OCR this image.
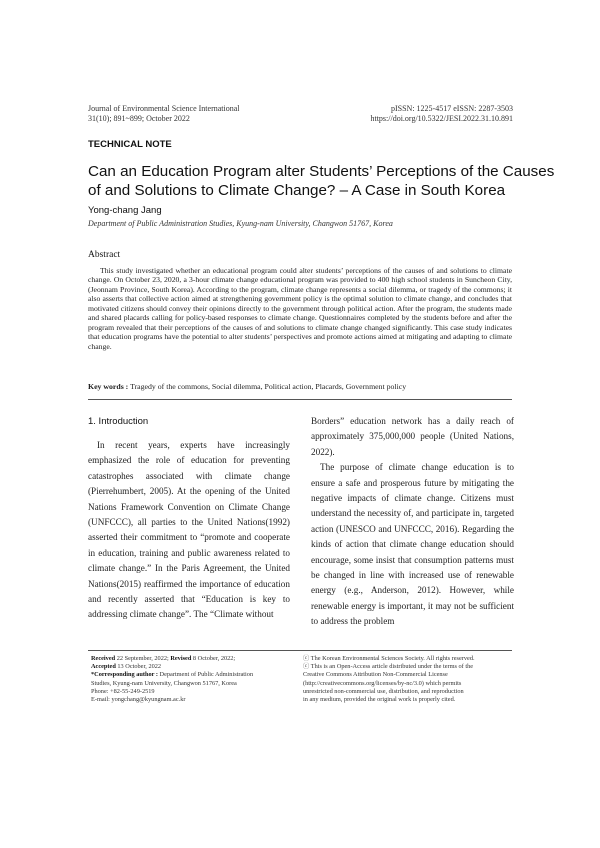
Journal of Environmental Science International
31(10); 891~899; October 2022
pISSN: 1225-4517 eISSN: 2287-3503
https://doi.org/10.5322/JESI.2022.31.10.891
TECHNICAL NOTE
Can an Education Program alter Students’ Perceptions of the Causes
of and Solutions to Climate Change? – A Case in South Korea
Yong-chang Jang
Department of Public Administration Studies, Kyung-nam University, Changwon 51767, Korea
Abstract
This study investigated whether an educational program could alter students’ perceptions of the causes of and solutions to climate change. On October 23, 2020, a 3-hour climate change educational program was provided to 400 high school students in Suncheon City, (Jeonnam Province, South Korea). According to the program, climate change represents a social dilemma, or tragedy of the commons; it also asserts that collective action aimed at strengthening government policy is the optimal solution to climate change, and concludes that motivated citizens should convey their opinions directly to the government through political action. After the program, the students made and shared placards calling for policy-based responses to climate change. Questionnaires completed by the students before and after the program revealed that their perceptions of the causes of and solutions to climate change changed significantly. This case study indicates that education programs have the potential to alter students’ perspectives and promote actions aimed at mitigating and adapting to climate change.
Key words : Tragedy of the commons, Social dilemma, Political action, Placards, Government policy
1. Introduction

In recent years, experts have increasingly emphasized the role of education for preventing catastrophes associated with climate change (Pierrehumbert, 2005). At the opening of the United Nations Framework Convention on Climate Change (UNFCCC), all parties to the United Nations(1992) asserted their commitment to “promote and cooperate in education, training and public awareness related to climate change.” In the Paris Agreement, the United Nations(2015) reaffirmed the importance of education and recently asserted that “Education is key to addressing climate change”. The “Climate without

Borders” education network has a daily reach of approximately 375,000,000 people (United Nations, 2022).

The purpose of climate change education is to ensure a safe and prosperous future by mitigating the negative impacts of climate change. Citizens must understand the necessity of, and participate in, targeted action (UNESCO and UNFCCC, 2016). Regarding the kinds of action that climate change education should encourage, some insist that consumption patterns must be changed in line with increased use of renewable energy (e.g., Anderson, 2012). However, while renewable energy is important, it may not be sufficient to address the problem

Received 22 September, 2022; Revised 8 October, 2022;
Accepted 13 October, 2022
*Corresponding author : Department of Public Administration
Studies, Kyung-nam University, Changwon 51767, Korea
Phone: +82-55-249-2519
E-mail: yongchang@kyungnam.ac.kr
ⓒ The Korean Environmental Sciences Society. All rights reserved.
ⓒ This is an Open-Access article distributed under the terms of the
Creative Commons Attribution Non-Commercial License
(http://creativecommons.org/licenses/by-nc/3.0) which permits
unrestricted non-commercial use, distribution, and reproduction
in any medium, provided the original work is properly cited.
